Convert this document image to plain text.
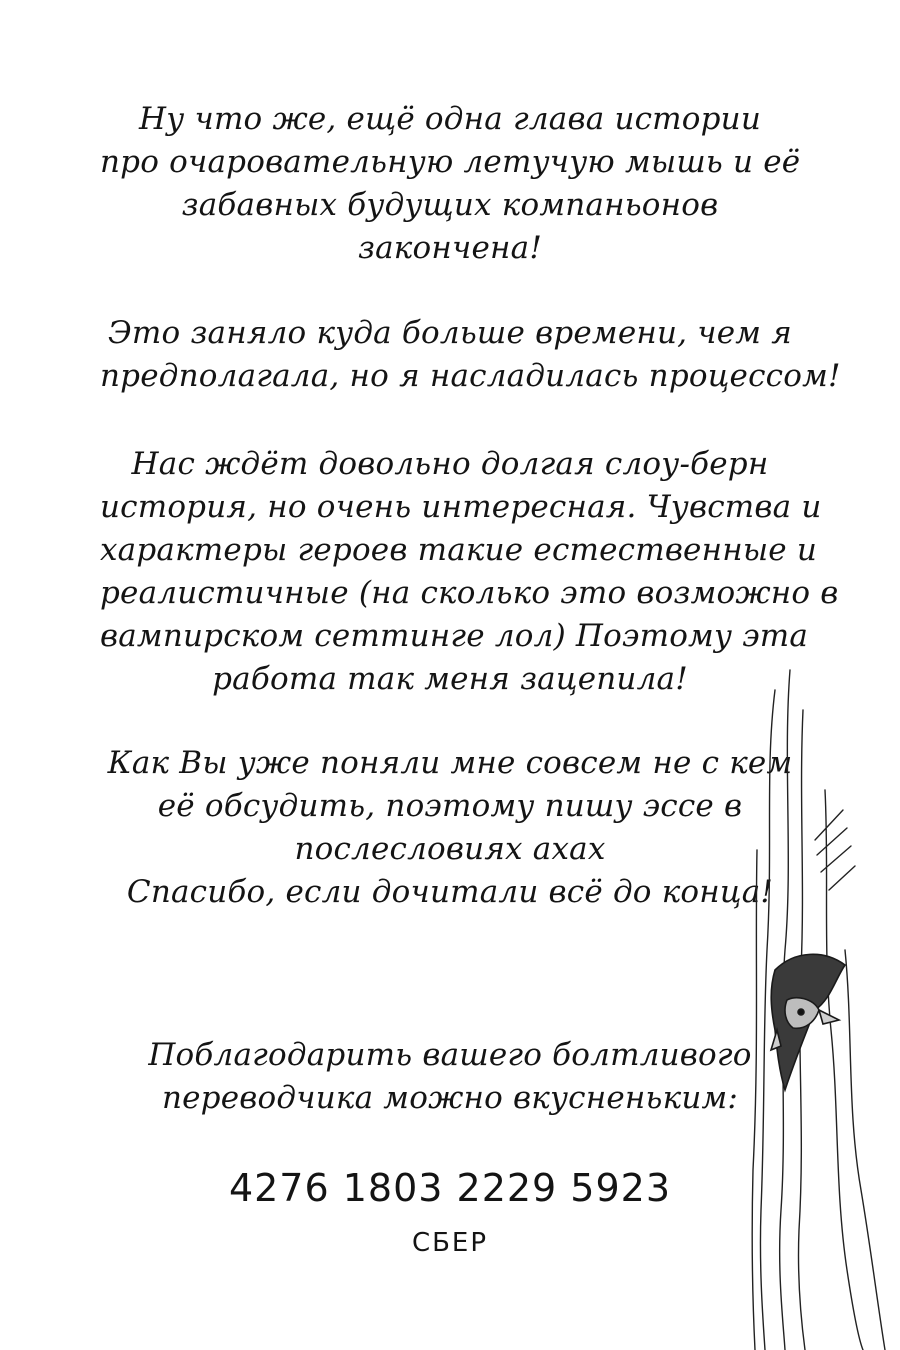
Ну что же, ещё одна глава истории
про очаровательную летучую мышь и её
забавных будущих компаньонов
закончена!
Это заняло куда больше времени, чем я
предполагала, но я насладилась процессом!
Нас ждёт довольно долгая слоу-берн
история, но очень интересная. Чувства и
характеры героев такие естественные и
реалистичные (на сколько это возможно в
вампирском сеттинге лол) Поэтому эта
работа так меня зацепила!
Как Вы уже поняли мне совсем не с кем
её обсудить, поэтому пишу эссе в
послесловиях ахах
Спасибо, если дочитали всё до конца!
Поблагодарить вашего болтливого
переводчика можно вкусненьким:
4276 1803 2229 5923
СБЕР
